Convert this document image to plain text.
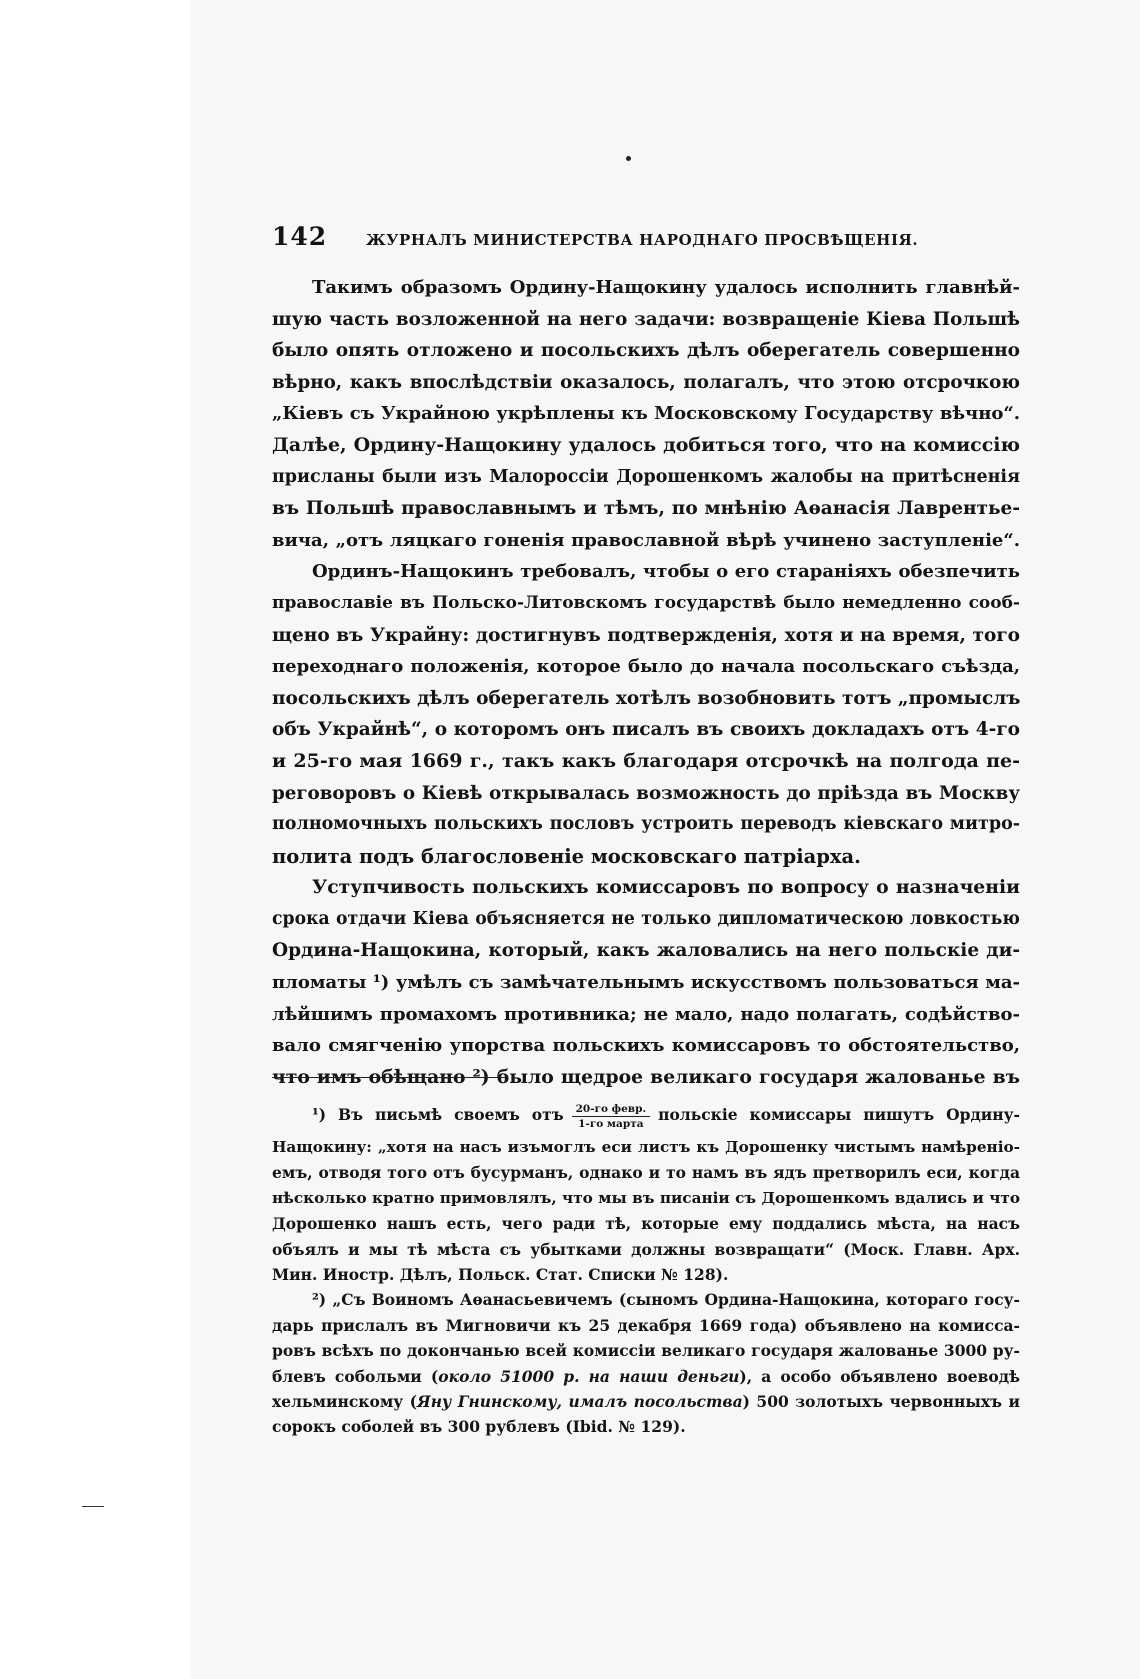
142	ЖУРНАЛЪ МИНИСТЕРСТВА НАРОДНАГО ПРОСВѢЩЕНІЯ.
Такимъ образомъ Ордину-Нащокину удалось исполнить главнѣй-
шую часть возложенной на него задачи: возвращеніе Кіева Польшѣ
было опять отложено и посольскихъ дѣлъ оберегатель совершенно
вѣрно, какъ впослѣдствіи оказалось, полагалъ, что этою отсрочкою
„Кіевъ съ Украйною укрѣплены къ Московскому Государству вѣчно“.
Далѣе, Ордину-Нащокину удалось добиться того, что на комиссію
присланы были изъ Малороссіи Дорошенкомъ жалобы на притѣсненія
въ Польшѣ православнымъ и тѣмъ, по мнѣнію Аѳанасія Лаврентье-
вича, „отъ ляцкаго гоненія православной вѣрѣ учинено заступленіе“.
Ординъ-Нащокинъ требовалъ, чтобы о его стараніяхъ обезпечить
православіе въ Польско-Литовскомъ государствѣ было немедленно сооб-
щено въ Украйну: достигнувъ подтвержденія, хотя и на время, того
переходнаго положенія, которое было до начала посольскаго съѣзда,
посольскихъ дѣлъ оберегатель хотѣлъ возобновить тотъ „промыслъ
объ Украйнѣ“, о которомъ онъ писалъ въ своихъ докладахъ отъ 4-го
и 25-го мая 1669 г., такъ какъ благодаря отсрочкѣ на полгода пе-
реговоровъ о Кіевѣ открывалась возможность до пріѣзда въ Москву
полномочныхъ польскихъ пословъ устроить переводъ кіевскаго митро-
полита подъ благословеніе московскаго патріарха.
Уступчивость польскихъ комиссаровъ по вопросу о назначеніи
срока отдачи Кіева объясняется не только дипломатическою ловкостью
Ордина-Нащокина, который, какъ жаловались на него польскіе ди-
пломаты ¹) умѣлъ съ замѣчательнымъ искусствомъ пользоваться ма-
лѣйшимъ промахомъ противника; не мало, надо полагать, содѣйство-
вало смягченію упорства польскихъ комиссаровъ то обстоятельство,
что имъ обѣщано ²) было щедрое великаго государя жалованье въ
¹) Въ письмѣ своемъ отъ $\frac{\text{20-го февр.}}{\text{1-го марта}}$ польскіе комиссары пишутъ Ордину-
Нащокину: „хотя на насъ изъмоглъ еси листъ къ Дорошенку чистымъ намѣреніо-
емъ, отводя того отъ бусурманъ, однако и то намъ въ ядъ претворилъ еси, когда
нѣсколько кратно примовлялъ, что мы въ писаніи съ Дорошенкомъ вдались и что
Дорошенко нашъ есть, чего ради тѣ, которые ему поддались мѣста, на насъ
объялъ и мы тѣ мѣста съ убытками должны возвращати“ (Моск. Главн. Арх.
Мин. Иностр. Дѣлъ, Польск. Стат. Списки № 128).
²) „Съ Воиномъ Аѳанасьевичемъ (сыномъ Ордина-Нащокина, котораго госу-
дарь прислалъ въ Мигновичи къ 25 декабря 1669 года) объявлено на комисса-
ровъ всѣхъ по докончанью всей комиссіи великаго государя жалованье 3000 ру-
блевъ собольми (около 51000 р. на наши деньги), а особо объявлено воеводѣ
хельминскому (Яну Гнинскому, ималъ посольства) 500 золотыхъ червонныхъ и
сорокъ соболей въ 300 рублевъ (Ibid. № 129).
